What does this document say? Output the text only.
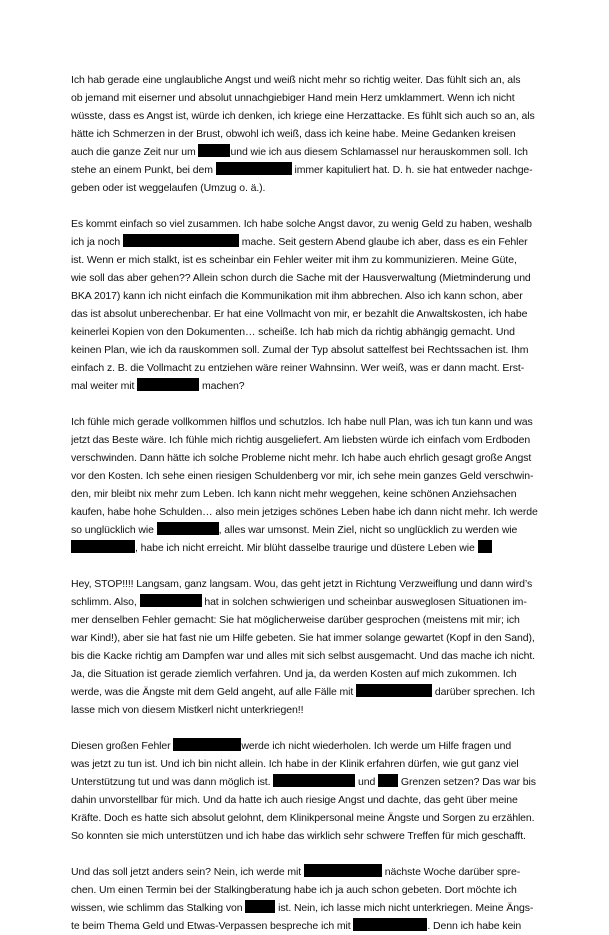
Ich hab gerade eine unglaubliche Angst und weiß nicht mehr so richtig weiter. Das fühlt sich an, als
ob jemand mit eiserner und absolut unnachgiebiger Hand mein Herz umklammert. Wenn ich nicht
wüsste, dass es Angst ist, würde ich denken, ich kriege eine Herzattacke. Es fühlt sich auch so an, als
hätte ich Schmerzen in der Brust, obwohl ich weiß, dass ich keine habe. Meine Gedanken kreisen
auch die ganze Zeit nur um	und wie ich aus diesem Schlamassel nur herauskommen soll. Ich
stehe an einem Punkt, bei dem	immer kapituliert hat. D. h. sie hat entweder nachge-
geben oder ist weggelaufen (Umzug o. ä.).

Es kommt einfach so viel zusammen. Ich habe solche Angst davor, zu wenig Geld zu haben, weshalb
ich ja noch	mache. Seit gestern Abend glaube ich aber, dass es ein Fehler
ist. Wenn er mich stalkt, ist es scheinbar ein Fehler weiter mit ihm zu kommunizieren. Meine Güte,
wie soll das aber gehen?? Allein schon durch die Sache mit der Hausverwaltung (Mietminderung und
BKA 2017) kann ich nicht einfach die Kommunikation mit ihm abbrechen. Also ich kann schon, aber
das ist absolut unberechenbar. Er hat eine Vollmacht von mir, er bezahlt die Anwaltskosten, ich habe
keinerlei Kopien von den Dokumenten… scheiße. Ich hab mich da richtig abhängig gemacht. Und
keinen Plan, wie ich da rauskommen soll. Zumal der Typ absolut sattelfest bei Rechtssachen ist. Ihm
einfach z. B. die Vollmacht zu entziehen wäre reiner Wahnsinn. Wer weiß, was er dann macht. Erst-
mal weiter mit	machen?

Ich fühle mich gerade vollkommen hilflos und schutzlos. Ich habe null Plan, was ich tun kann und was
jetzt das Beste wäre. Ich fühle mich richtig ausgeliefert. Am liebsten würde ich einfach vom Erdboden
verschwinden. Dann hätte ich solche Probleme nicht mehr. Ich habe auch ehrlich gesagt große Angst
vor den Kosten. Ich sehe einen riesigen Schuldenberg vor mir, ich sehe mein ganzes Geld verschwin-
den, mir bleibt nix mehr zum Leben. Ich kann nicht mehr weggehen, keine schönen Anziehsachen
kaufen, habe hohe Schulden… also mein jetziges schönes Leben habe ich dann nicht mehr. Ich werde
so unglücklich wie	, alles war umsonst. Mein Ziel, nicht so unglücklich zu werden wie
, habe ich nicht erreicht. Mir blüht dasselbe traurige und düstere Leben wie

Hey, STOP!!!! Langsam, ganz langsam. Wou, das geht jetzt in Richtung Verzweiflung und dann wird’s
schlimm. Also,	hat in solchen schwierigen und scheinbar ausweglosen Situationen im-
mer denselben Fehler gemacht: Sie hat möglicherweise darüber gesprochen (meistens mit mir; ich
war Kind!), aber sie hat fast nie um Hilfe gebeten. Sie hat immer solange gewartet (Kopf in den Sand),
bis die Kacke richtig am Dampfen war und alles mit sich selbst ausgemacht. Und das mache ich nicht.
Ja, die Situation ist gerade ziemlich verfahren. Und ja, da werden Kosten auf mich zukommen. Ich
werde, was die Ängste mit dem Geld angeht, auf alle Fälle mit	darüber sprechen. Ich
lasse mich von diesem Mistkerl nicht unterkriegen!!

Diesen großen Fehler	werde ich nicht wiederholen. Ich werde um Hilfe fragen und
was jetzt zu tun ist. Und ich bin nicht allein. Ich habe in der Klinik erfahren dürfen, wie gut ganz viel
Unterstützung tut und was dann möglich ist.	und  Grenzen setzen? Das war bis
dahin unvorstellbar für mich. Und da hatte ich auch riesige Angst und dachte, das geht über meine
Kräfte. Doch es hatte sich absolut gelohnt, dem Klinikpersonal meine Ängste und Sorgen zu erzählen.
So konnten sie mich unterstützen und ich habe das wirklich sehr schwere Treffen für mich geschafft.

Und das soll jetzt anders sein? Nein, ich werde mit	nächste Woche darüber spre-
chen. Um einen Termin bei der Stalkingberatung habe ich ja auch schon gebeten. Dort möchte ich
wissen, wie schlimm das Stalking von	ist. Nein, ich lasse mich nicht unterkriegen. Meine Ängs-
te beim Thema Geld und Etwas-Verpassen bespreche ich mit	. Denn ich habe kein
